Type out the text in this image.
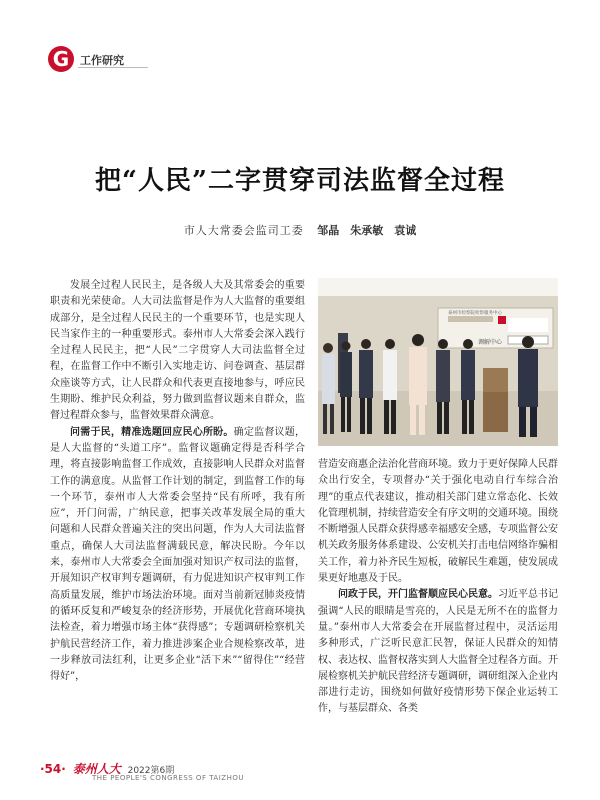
G 工作研究
把“人民”二字贯穿司法监督全过程
市人大常委会监司工委 邹晶　朱承敏　袁诚

发展全过程人民民主，是各级人大及其常委会的重要职责和光荣使命。人大司法监督是作为人大监督的重要组成部分，是全过程人民民主的一个重要环节，也是实现人民当家作主的一种重要形式。泰州市人大常委会深入践行全过程人民民主，把“人民”二字贯穿人大司法监督全过程，在监督工作中不断引入实地走访、问卷调查、基层群众座谈等方式，让人民群众和代表更直接地参与，呼应民生期盼、维护民众利益，努力做到监督议题来自群众，监督过程群众参与，监督效果群众满意。

问需于民，精准选题回应民心所盼。确定监督议题，是人大监督的“头道工序”。监督议题确定得是否科学合理，将直接影响监督工作成效，直接影响人民群众对监督工作的满意度。从监督工作计划的制定，到监督工作的每一个环节，泰州市人大常委会坚持“民有所呼，我有所应”，开门问需，广纳民意，把事关改革发展全局的重大问题和人民群众普遍关注的突出问题，作为人大司法监督重点，确保人大司法监督满载民意，解决民盼。今年以来，泰州市人大常委会全面加强对知识产权司法的监督，开展知识产权审判专题调研，有力促进知识产权审判工作高质量发展，维护市场法治环境。面对当前新冠肺炎疫情的循环反复和严峻复杂的经济形势，开展优化营商环境执法检查，着力增强市场主体“获得感”；专题调研检察机关护航民营经济工作，着力推进涉案企业合规检察改革，进一步释放司法红利，让更多企业“活下来”“留得住”“经营得好”，

调解中心
泰州市检察院检察服务中心

营造安商惠企法治化营商环境。致力于更好保障人民群众出行安全，专项督办“关于强化电动自行车综合治理”的重点代表建议，推动相关部门建立常态化、长效化管理机制，持续营造安全有序文明的交通环境。围绕不断增强人民群众获得感幸福感安全感，专项监督公安机关政务服务体系建设、公安机关打击电信网络诈骗相关工作，着力补齐民生短板，破解民生难题，使发展成果更好地惠及于民。

问政于民，开门监督顺应民心民意。习近平总书记强调“人民的眼睛是雪亮的，人民是无所不在的监督力量。”泰州市人大常委会在开展监督过程中，灵活运用多种形式，广泛听民意汇民智，保证人民群众的知情权、表达权、监督权落实到人大监督全过程各方面。开展检察机关护航民营经济专题调研，调研组深入企业内部进行走访，围绕如何做好疫情形势下保企业运转工作，与基层群众、各类

·54· 泰州人大 2022第6期
THE PEOPLE'S CONGRESS OF TAIZHOU
